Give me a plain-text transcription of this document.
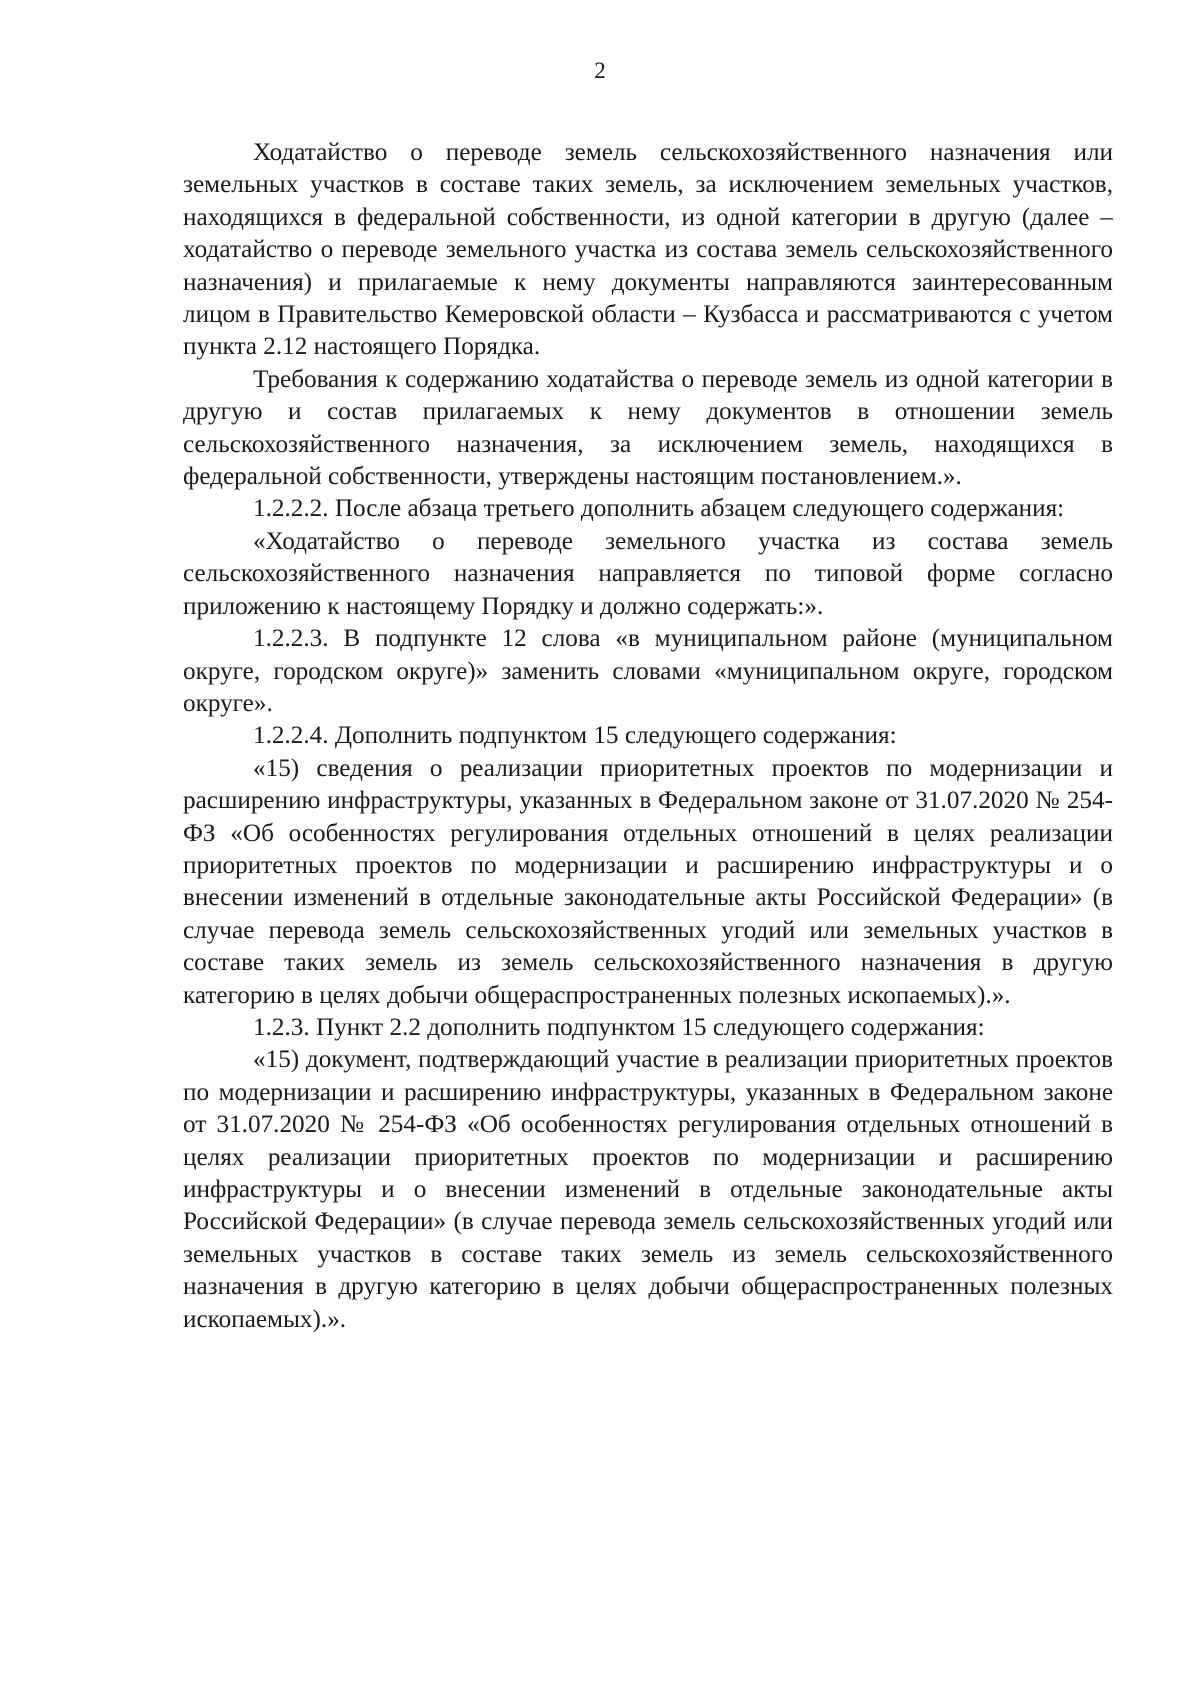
2

Ходатайство о переводе земель сельскохозяйственного назначения или земельных участков в составе таких земель, за исключением земельных участков, находящихся в федеральной собственности, из одной категории в другую (далее – ходатайство о переводе земельного участка из состава земель сельскохозяйственного назначения) и прилагаемые к нему документы направляются заинтересованным лицом в Правительство Кемеровской области – Кузбасса и рассматриваются с учетом пункта 2.12 настоящего Порядка.

Требования к содержанию ходатайства о переводе земель из одной категории в другую и состав прилагаемых к нему документов в отношении земель сельскохозяйственного назначения, за исключением земель, находящихся в федеральной собственности, утверждены настоящим постановлением.».

1.2.2.2. После абзаца третьего дополнить абзацем следующего содержания:

«Ходатайство о переводе земельного участка из состава земель сельскохозяйственного назначения направляется по типовой форме согласно приложению к настоящему Порядку и должно содержать:».

1.2.2.3. В подпункте 12 слова «в муниципальном районе (муниципальном округе, городском округе)» заменить словами «муниципальном округе, городском округе».

1.2.2.4. Дополнить подпунктом 15 следующего содержания:

«15) сведения о реализации приоритетных проектов по модернизации и расширению инфраструктуры, указанных в Федеральном законе от 31.07.2020 № 254-ФЗ «Об особенностях регулирования отдельных отношений в целях реализации приоритетных проектов по модернизации и расширению инфраструктуры и о внесении изменений в отдельные законодательные акты Российской Федерации» (в случае перевода земель сельскохозяйственных угодий или земельных участков в составе таких земель из земель сельскохозяйственного назначения в другую категорию в целях добычи общераспространенных полезных ископаемых).».

1.2.3. Пункт 2.2 дополнить подпунктом 15 следующего содержания:

«15) документ, подтверждающий участие в реализации приоритетных проектов по модернизации и расширению инфраструктуры, указанных в Федеральном законе от 31.07.2020 № 254-ФЗ «Об особенностях регулирования отдельных отношений в целях реализации приоритетных проектов по модернизации и расширению инфраструктуры и о внесении изменений в отдельные законодательные акты Российской Федерации» (в случае перевода земель сельскохозяйственных угодий или земельных участков в составе таких земель из земель сельскохозяйственного назначения в другую категорию в целях добычи общераспространенных полезных ископаемых).».
